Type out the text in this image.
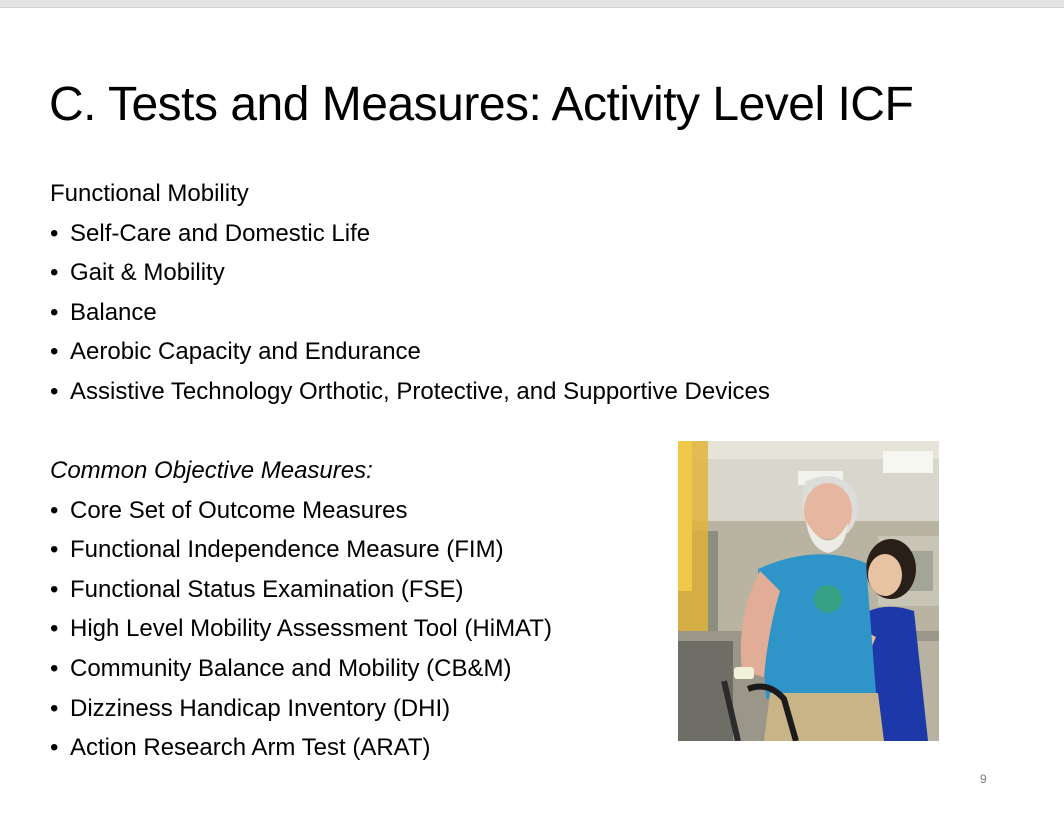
C. Tests and Measures: Activity Level ICF
Functional Mobility
• Self-Care and Domestic Life
• Gait & Mobility
• Balance
• Aerobic Capacity and Endurance
• Assistive Technology Orthotic, Protective, and Supportive Devices
Common Objective Measures:
• Core Set of Outcome Measures
• Functional Independence Measure (FIM)
• Functional Status Examination (FSE)
• High Level Mobility Assessment Tool (HiMAT)
• Community Balance and Mobility (CB&M)
• Dizziness Handicap Inventory (DHI)
• Action Research Arm Test (ARAT)
9
